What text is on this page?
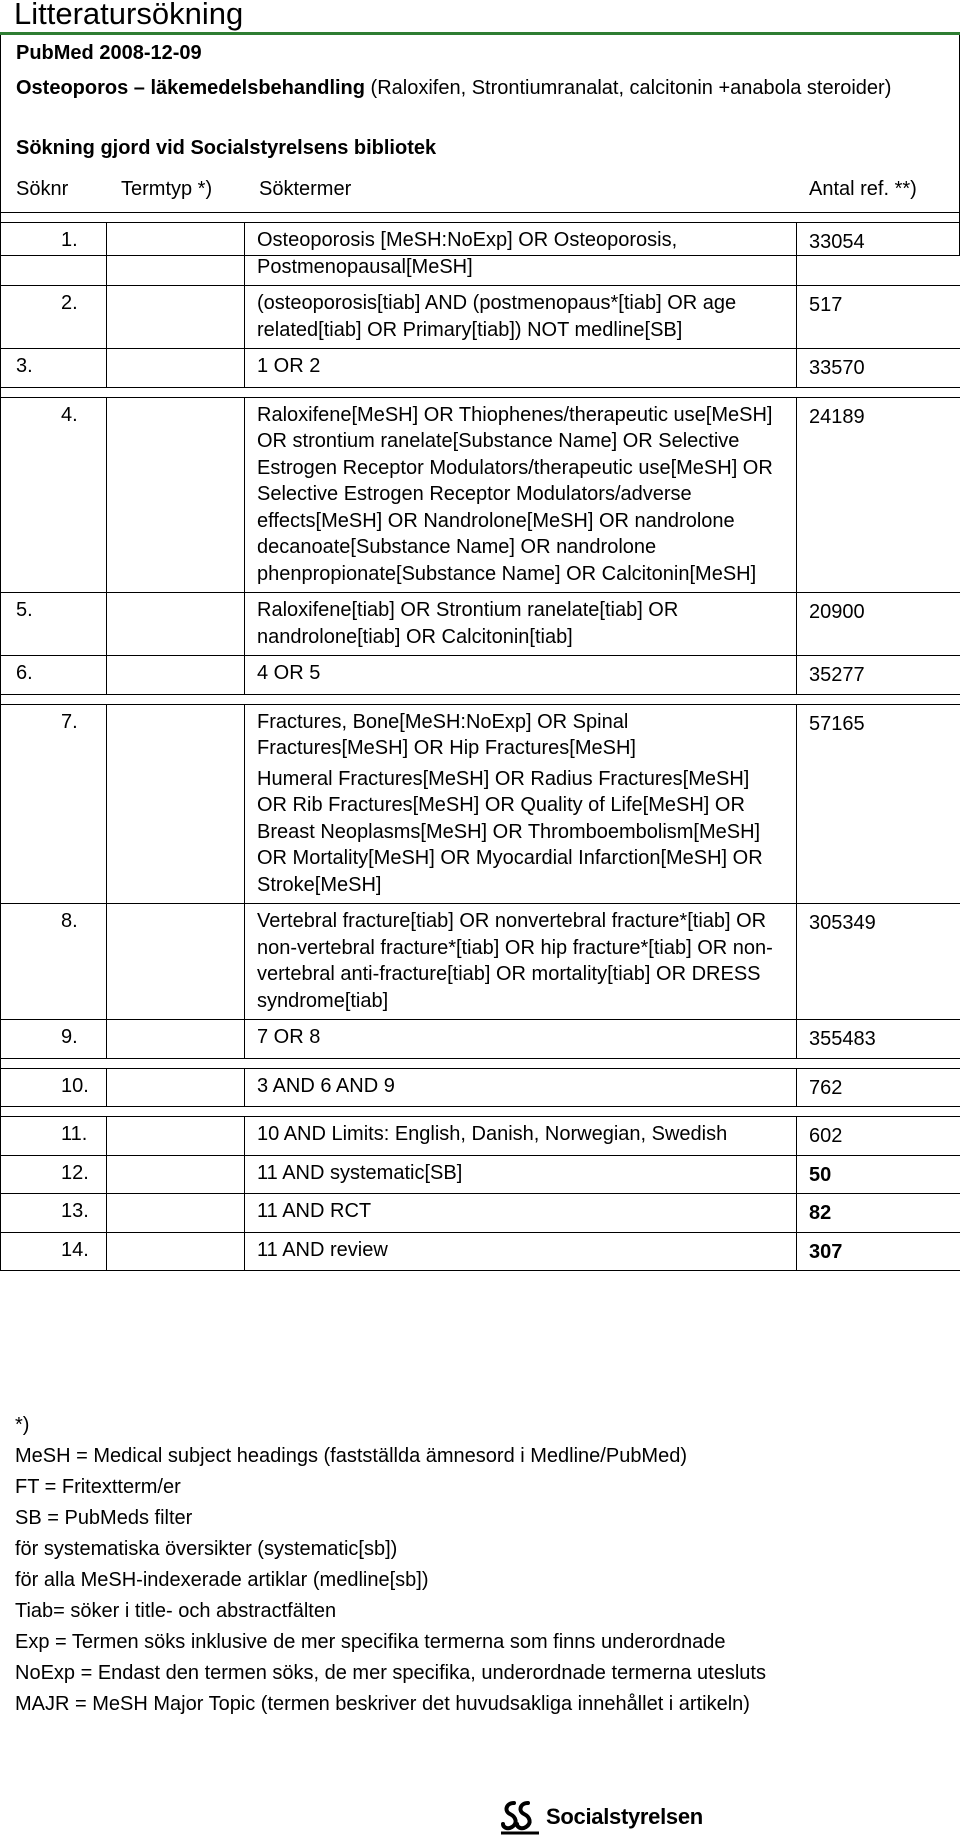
Litteratursökning
PubMed 2008-12-09
Osteoporos – läkemedelsbehandling (Raloxifen, Strontiumranalat, calcitonin +anabola steroider)
Sökning gjord vid Socialstyrelsens bibliotek
Söknr	Termtyp *) Söktermer	Antal ref. **)

1.		Osteoporosis [MeSH:NoExp] OR Osteoporosis, Postmenopausal[MeSH]	33054
2.		(osteoporosis[tiab] AND (postmenopaus*[tiab] OR age related[tiab] OR Primary[tiab]) NOT medline[SB]	517
3.		1 OR 2	33570

4.		Raloxifene[MeSH] OR Thiophenes/therapeutic use[MeSH] OR strontium ranelate[Substance Name] OR Selective Estrogen Receptor Modulators/therapeutic use[MeSH] OR Selective Estrogen Receptor Modulators/adverse effects[MeSH] OR Nandrolone[MeSH] OR nandrolone decanoate[Substance Name] OR nandrolone phenpropionate[Substance Name] OR Calcitonin[MeSH]	24189
5.		Raloxifene[tiab] OR Strontium ranelate[tiab] OR nandrolone[tiab] OR Calcitonin[tiab]	20900
6.		4 OR 5	35277

7.		Fractures, Bone[MeSH:NoExp] OR Spinal Fractures[MeSH] OR Hip Fractures[MeSH]
Humeral Fractures[MeSH] OR Radius Fractures[MeSH] OR Rib Fractures[MeSH] OR Quality of Life[MeSH] OR Breast Neoplasms[MeSH] OR Thromboembolism[MeSH] OR Mortality[MeSH] OR Myocardial Infarction[MeSH] OR Stroke[MeSH]	57165
8.		Vertebral fracture[tiab] OR nonvertebral fracture*[tiab] OR non-vertebral fracture*[tiab] OR hip fracture*[tiab] OR non-vertebral anti-fracture[tiab] OR mortality[tiab] OR DRESS syndrome[tiab]	305349
9.		7 OR 8	355483

10.		3 AND 6 AND 9	762

11.		10 AND Limits: English, Danish, Norwegian, Swedish	602
12.		11 AND systematic[SB]	50
13.		11 AND RCT	82
14.		11 AND review	307
*)
MeSH = Medical subject headings (fastställda ämnesord i Medline/PubMed)
FT = Fritextterm/er
SB = PubMeds filter
för systematiska översikter (systematic[sb])
för alla MeSH-indexerade artiklar (medline[sb])
Tiab= söker i title- och abstractfälten
Exp = Termen söks inklusive de mer specifika termerna som finns underordnade
NoExp = Endast den termen söks, de mer specifika, underordnade termerna utesluts
MAJR = MeSH Major Topic (termen beskriver det huvudsakliga innehållet i artikeln)
Socialstyrelsen
